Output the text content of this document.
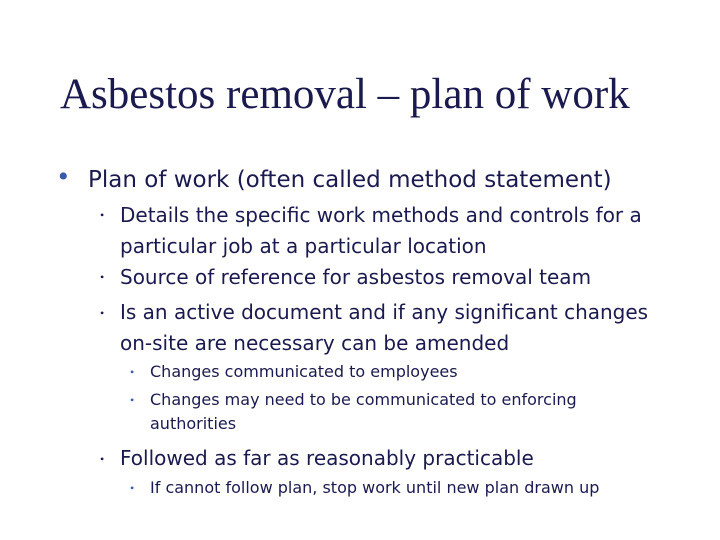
Asbestos removal – plan of work
• Plan of work (often called method statement)
• Details the specific work methods and controls for a particular job at a particular location
• Source of reference for asbestos removal team
• Is an active document and if any significant changes on-site are necessary can be amended
• Changes communicated to employees
• Changes may need to be communicated to enforcing authorities
• Followed as far as reasonably practicable
• If cannot follow plan, stop work until new plan drawn up
